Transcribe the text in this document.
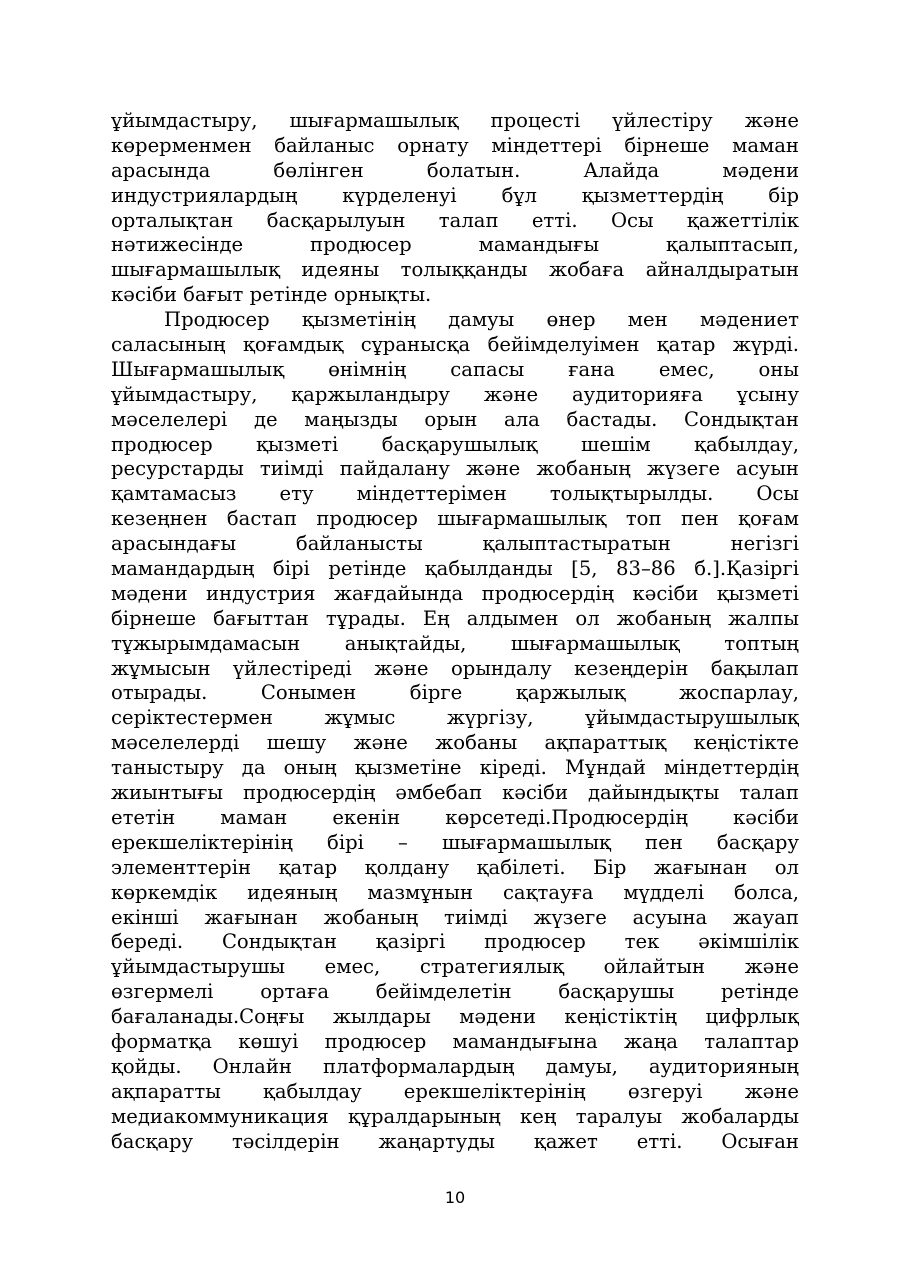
ұйымдастыру, шығармашылық процесті үйлестіру және
көрерменмен байланыс орнату міндеттері бірнеше маман
арасында бөлінген болатын. Алайда мәдени
индустриялардың күрделенуі бұл қызметтердің бір
орталықтан басқарылуын талап етті. Осы қажеттілік
нәтижесінде продюсер мамандығы қалыптасып,
шығармашылық идеяны толыққанды жобаға айналдыратын
кәсіби бағыт ретінде орнықты.
Продюсер қызметінің дамуы өнер мен мәдениет
саласының қоғамдық сұранысқа бейімделуімен қатар жүрді.
Шығармашылық өнімнің сапасы ғана емес, оны
ұйымдастыру, қаржыландыру және аудиторияға ұсыну
мәселелері де маңызды орын ала бастады. Сондықтан
продюсер қызметі басқарушылық шешім қабылдау,
ресурстарды тиімді пайдалану және жобаның жүзеге асуын
қамтамасыз ету міндеттерімен толықтырылды. Осы
кезеңнен бастап продюсер шығармашылық топ пен қоғам
арасындағы байланысты қалыптастыратын негізгі
мамандардың бірі ретінде қабылданды [5, 83–86 б.].Қазіргі
мәдени индустрия жағдайында продюсердің кәсіби қызметі
бірнеше бағыттан тұрады. Ең алдымен ол жобаның жалпы
тұжырымдамасын анықтайды, шығармашылық топтың
жұмысын үйлестіреді және орындалу кезеңдерін бақылап
отырады. Сонымен бірге қаржылық жоспарлау,
серіктестермен жұмыс жүргізу, ұйымдастырушылық
мәселелерді шешу және жобаны ақпараттық кеңістікте
таныстыру да оның қызметіне кіреді. Мұндай міндеттердің
жиынтығы продюсердің әмбебап кәсіби дайындықты талап
ететін маман екенін көрсетеді.Продюсердің кәсіби
ерекшеліктерінің бірі – шығармашылық пен басқару
элементтерін қатар қолдану қабілеті. Бір жағынан ол
көркемдік идеяның мазмұнын сақтауға мүдделі болса,
екінші жағынан жобаның тиімді жүзеге асуына жауап
береді. Сондықтан қазіргі продюсер тек әкімшілік
ұйымдастырушы емес, стратегиялық ойлайтын және
өзгермелі ортаға бейімделетін басқарушы ретінде
бағаланады.Соңғы жылдары мәдени кеңістіктің цифрлық
форматқа көшуі продюсер мамандығына жаңа талаптар
қойды. Онлайн платформалардың дамуы, аудиторияның
ақпаратты қабылдау ерекшеліктерінің өзгеруі және
медиакоммуникация құралдарының кең таралуы жобаларды
басқару тәсілдерін жаңартуды қажет етті. Осыған
10
